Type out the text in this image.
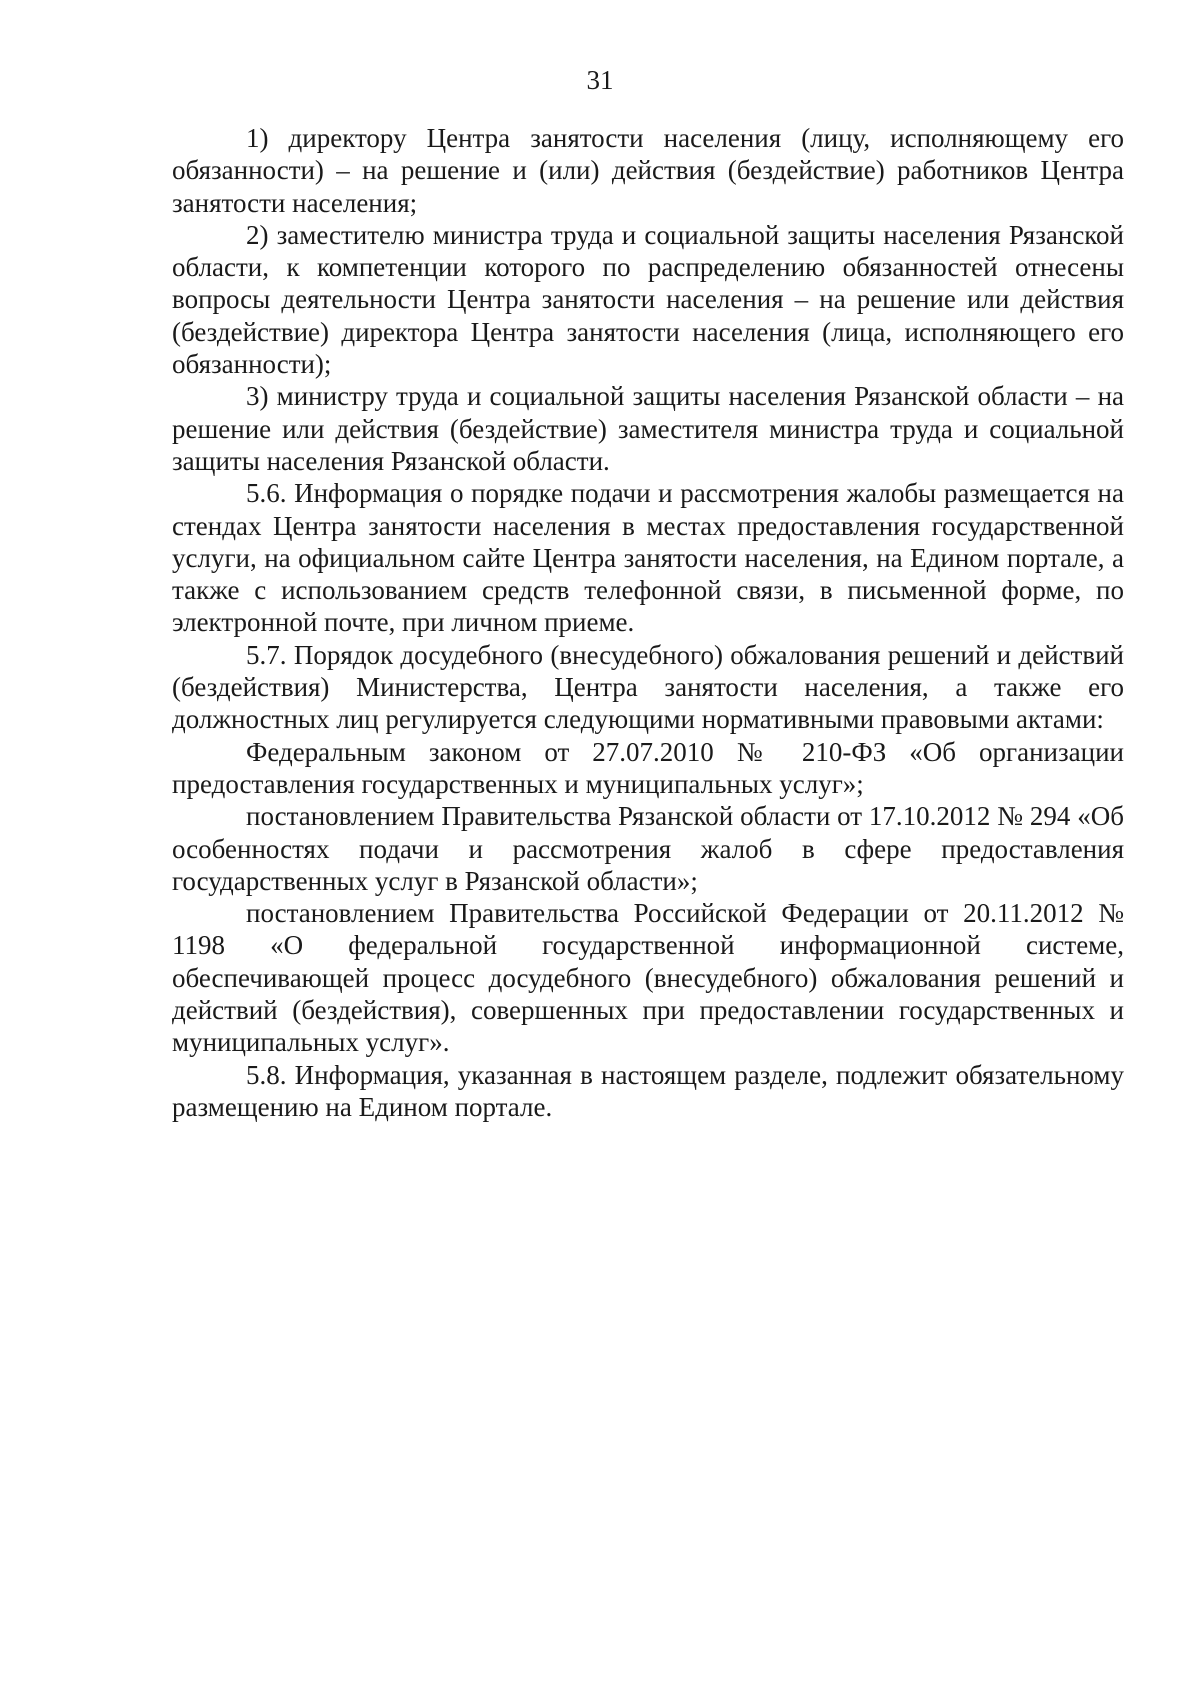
31

1) директору Центра занятости населения (лицу, исполняющему его обязанности) – на решение и (или) действия (бездействие) работников Центра занятости населения;

2) заместителю министра труда и социальной защиты населения Рязанской области, к компетенции которого по распределению обязанностей отнесены вопросы деятельности Центра занятости населения – на решение или действия (бездействие) директора Центра занятости населения (лица, исполняющего его обязанности);

3) министру труда и социальной защиты населения Рязанской области – на решение или действия (бездействие) заместителя министра труда и социальной защиты населения Рязанской области.

5.6. Информация о порядке подачи и рассмотрения жалобы размещается на стендах Центра занятости населения в местах предоставления государственной услуги, на официальном сайте Центра занятости населения, на Едином портале, а также с использованием средств телефонной связи, в письменной форме, по электронной почте, при личном приеме.

5.7. Порядок досудебного (внесудебного) обжалования решений и действий (бездействия) Министерства, Центра занятости населения, а также его должностных лиц регулируется следующими нормативными правовыми актами:

Федеральным законом от 27.07.2010 № 210-ФЗ «Об организации предоставления государственных и муниципальных услуг»;

постановлением Правительства Рязанской области от 17.10.2012 № 294 «Об особенностях подачи и рассмотрения жалоб в сфере предоставления государственных услуг в Рязанской области»;

постановлением Правительства Российской Федерации от 20.11.2012 № 1198 «О федеральной государственной информационной системе, обеспечивающей процесс досудебного (внесудебного) обжалования решений и действий (бездействия), совершенных при предоставлении государственных и муниципальных услуг».

5.8. Информация, указанная в настоящем разделе, подлежит обязательному размещению на Едином портале.
